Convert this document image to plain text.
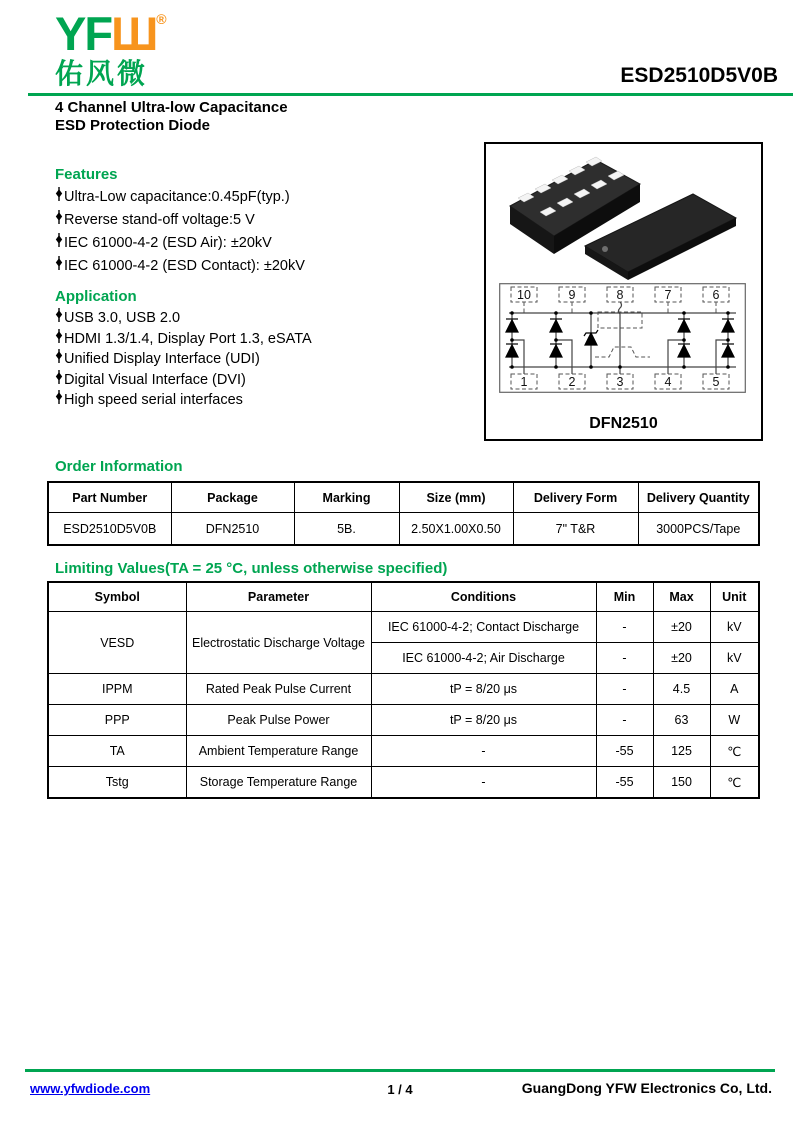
YFШ®
佑风微	ESD2510D5V0B
4 Channel Ultra-low Capacitance
ESD Protection Diode
Features
Ultra-Low capacitance:0.45pF(typ.)
Reverse stand-off voltage:5 V
IEC 61000-4-2 (ESD Air): ±20kV
IEC 61000-4-2 (ESD Contact): ±20kV
Application
USB 3.0, USB 2.0
HDMI 1.3/1.4, Display Port 1.3, eSATA
Unified Display Interface (UDI)
Digital Visual Interface (DVI)
High speed serial interfaces
10	9	8	7	6
1	2	3	4	5
DFN2510
Order Information
Part Number	Package	Marking	Size (mm)	Delivery Form	Delivery Quantity
ESD2510D5V0B	DFN2510	5B.	2.50X1.00X0.50	7" T&R	3000PCS/Tape
Limiting Values(TA = 25 °C, unless otherwise specified)
Symbol	Parameter	Conditions	Min	Max	Unit
VESD	Electrostatic Discharge Voltage	IEC 61000-4-2; Contact Discharge	-	±20	kV
		IEC 61000-4-2; Air Discharge	-	±20	kV
IPPM	Rated Peak Pulse Current	tP = 8/20 μs	-	4.5	A
PPP	Peak Pulse Power	tP = 8/20 μs	-	63	W
TA	Ambient Temperature Range	-	-55	125	℃
Tstg	Storage Temperature Range	-	-55	150	℃
www.yfwdiode.com	1 / 4	GuangDong YFW Electronics Co, Ltd.
